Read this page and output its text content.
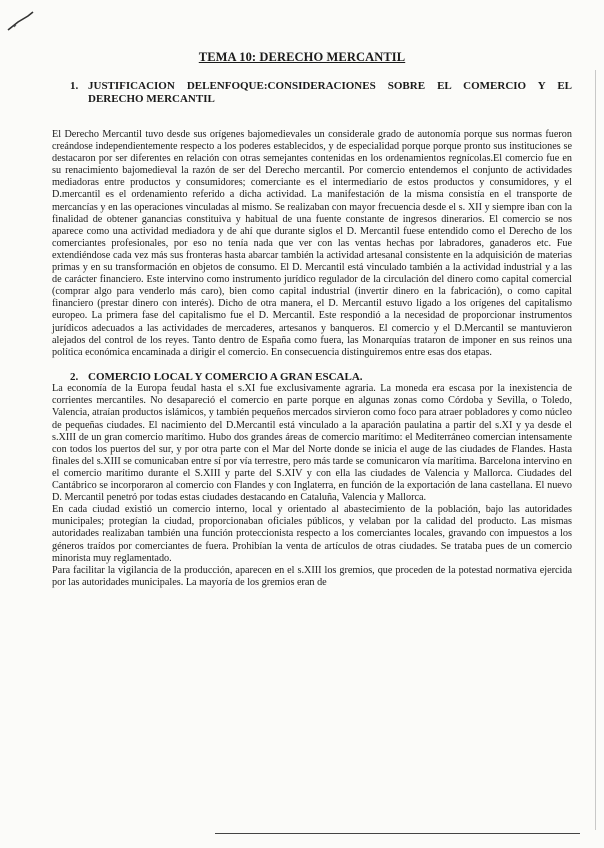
TEMA 10: DERECHO MERCANTIL
1. JUSTIFICACION DELENFOQUE:CONSIDERACIONES SOBRE EL COMERCIO Y EL DERECHO MERCANTIL

El Derecho Mercantil tuvo desde sus orígenes bajomedievales un considerale grado de autonomía porque sus normas fueron creándose independientemente respecto a los poderes establecidos, y de especialidad porque porque pronto sus instituciones se destacaron por ser diferentes en relación con otras semejantes contenidas en los ordenamientos regnícolas.El comercio fue en su renacimiento bajomedieval la razón de ser del Derecho mercantil. Por comercio entendemos el conjunto de actividades mediadoras entre productos y consumidores; comerciante es el intermediario de estos productos y consumidores, y el D.mercantil es el ordenamiento referido a dicha actividad. La manifestación de la misma consistía en el transporte de mercancías y en las operaciones vinculadas al mismo. Se realizaban con mayor frecuencia desde el s. XII y siempre iban con la finalidad de obtener ganancias constituiva y habitual de una fuente constante de ingresos dinerarios. El comercio se nos aparece como una actividad mediadora y de ahí que durante siglos el D. Mercantil fuese entendido como el Derecho de los comerciantes profesionales, por eso no tenía nada que ver con las ventas hechas por labradores, ganaderos etc. Fue extendiéndose cada vez más sus fronteras hasta abarcar también la actividad artesanal consistente en la adquisición de materias primas y en su transformación en objetos de consumo. El D. Mercantil está vinculado también a la actividad industrial y a las de carácter financiero. Este intervino como instrumento jurídico regulador de la circulación del dinero como capital comercial (comprar algo para venderlo más caro), bien como capital industrial (invertir dinero en la fabricación), o como capital financiero (prestar dinero con interés). Dicho de otra manera, el D. Mercantil estuvo ligado a los orígenes del capitalismo europeo. La primera fase del capitalismo fue el D. Mercantil. Este respondió a la necesidad de proporcionar instrumentos jurídicos adecuados a las actividades de mercaderes, artesanos y banqueros. El comercio y el D.Mercantil se mantuvieron alejados del control de los reyes. Tanto dentro de España como fuera, las Monarquías trataron de imponer en sus reinos una política económica encaminada a dirigir el comercio. En consecuencia distinguiremos entre esas dos etapas.

2. COMERCIO LOCAL Y COMERCIO A GRAN ESCALA.

La economía de la Europa feudal hasta el s.XI fue exclusivamente agraria. La moneda era escasa por la inexistencia de corrientes mercantiles. No desapareció el comercio en parte porque en algunas zonas como Córdoba y Sevilla, o Toledo, Valencia, atraían productos islámicos, y también pequeños mercados sirvieron como foco para atraer pobladores y como núcleo de pequeñas ciudades. El nacimiento del D.Mercantil está vinculado a la aparación paulatina a partir del s.XI y ya desde el s.XIII de un gran comercio marítimo. Hubo dos grandes áreas de comercio marítimo: el Mediterráneo comercian intensamente con todos los puertos del sur, y por otra parte con el Mar del Norte donde se inicia el auge de las ciudades de Flandes. Hasta finales del s.XIII se comunicaban entre sí por vía terrestre, pero más tarde se comunicaron vía marítima. Barcelona intervino en el comercio marítimo durante el S.XIII y parte del S.XIV y con ella las ciudades de Valencia y Mallorca. Ciudades del Cantábrico se incorporaron al comercio con Flandes y con Inglaterra, en función de la exportación de lana castellana. El nuevo D. Mercantil penetró por todas estas ciudades destacando en Cataluña, Valencia y Mallorca.

En cada ciudad existió un comercio interno, local y orientado al abastecimiento de la población, bajo las autoridades municipales; protegían la ciudad, proporcionaban oficiales públicos, y velaban por la calidad del producto. Las mismas autoridades realizaban también una función proteccionista respecto a los comerciantes locales, gravando con impuestos a los géneros traídos por comerciantes de fuera. Prohibían la venta de artículos de otras ciudades. Se trataba pues de un comercio minorista muy reglamentado.

Para facilitar la vigilancia de la producción, aparecen en el s.XIII los gremios, que proceden de la potestad normativa ejercida por las autoridades municipales. La mayoría de los gremios eran de
